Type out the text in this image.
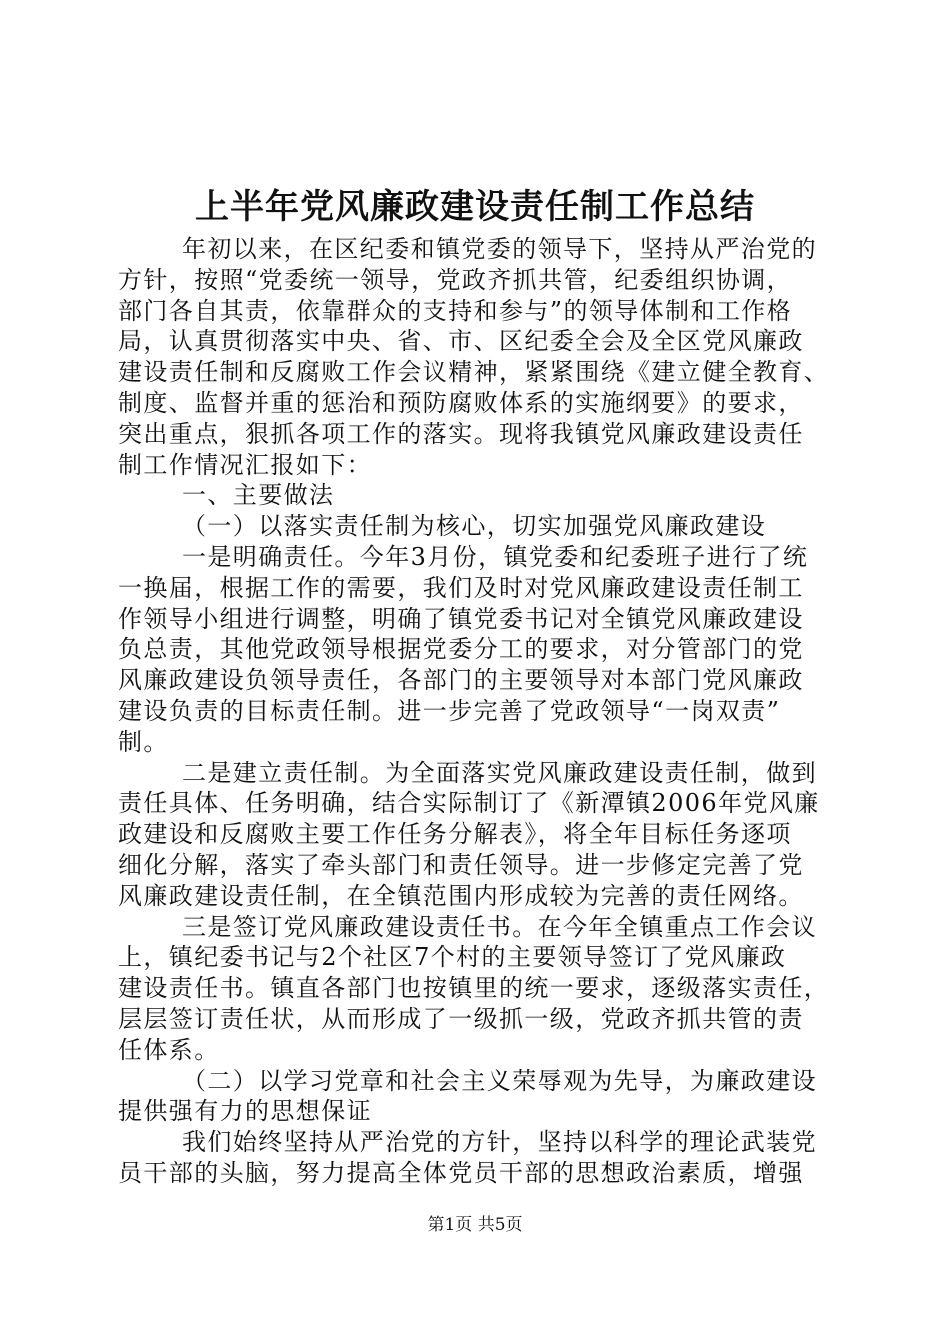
上半年党风廉政建设责任制工作总结
年初以来，在区纪委和镇党委的领导下，坚持从严治党的
方针，按照“党委统一领导，党政齐抓共管，纪委组织协调，
部门各自其责，依靠群众的支持和参与”的领导体制和工作格
局，认真贯彻落实中央、省、市、区纪委全会及全区党风廉政
建设责任制和反腐败工作会议精神，紧紧围绕《建立健全教育、
制度、监督并重的惩治和预防腐败体系的实施纲要》的要求，
突出重点，狠抓各项工作的落实。现将我镇党风廉政建设责任
制工作情况汇报如下：
一、主要做法
（一）以落实责任制为核心，切实加强党风廉政建设
一是明确责任。今年3月份，镇党委和纪委班子进行了统
一换届，根据工作的需要，我们及时对党风廉政建设责任制工
作领导小组进行调整，明确了镇党委书记对全镇党风廉政建设
负总责，其他党政领导根据党委分工的要求，对分管部门的党
风廉政建设负领导责任，各部门的主要领导对本部门党风廉政
建设负责的目标责任制。进一步完善了党政领导“一岗双责”
制。
二是建立责任制。为全面落实党风廉政建设责任制，做到
责任具体、任务明确，结合实际制订了《新潭镇2006年党风廉
政建设和反腐败主要工作任务分解表》，将全年目标任务逐项
细化分解，落实了牵头部门和责任领导。进一步修定完善了党
风廉政建设责任制，在全镇范围内形成较为完善的责任网络。
三是签订党风廉政建设责任书。在今年全镇重点工作会议
上，镇纪委书记与2个社区7个村的主要领导签订了党风廉政
建设责任书。镇直各部门也按镇里的统一要求，逐级落实责任，
层层签订责任状，从而形成了一级抓一级，党政齐抓共管的责
任体系。
（二）以学习党章和社会主义荣辱观为先导，为廉政建设
提供强有力的思想保证
我们始终坚持从严治党的方针，坚持以科学的理论武装党
员干部的头脑，努力提高全体党员干部的思想政治素质，增强
第1页 共5页
